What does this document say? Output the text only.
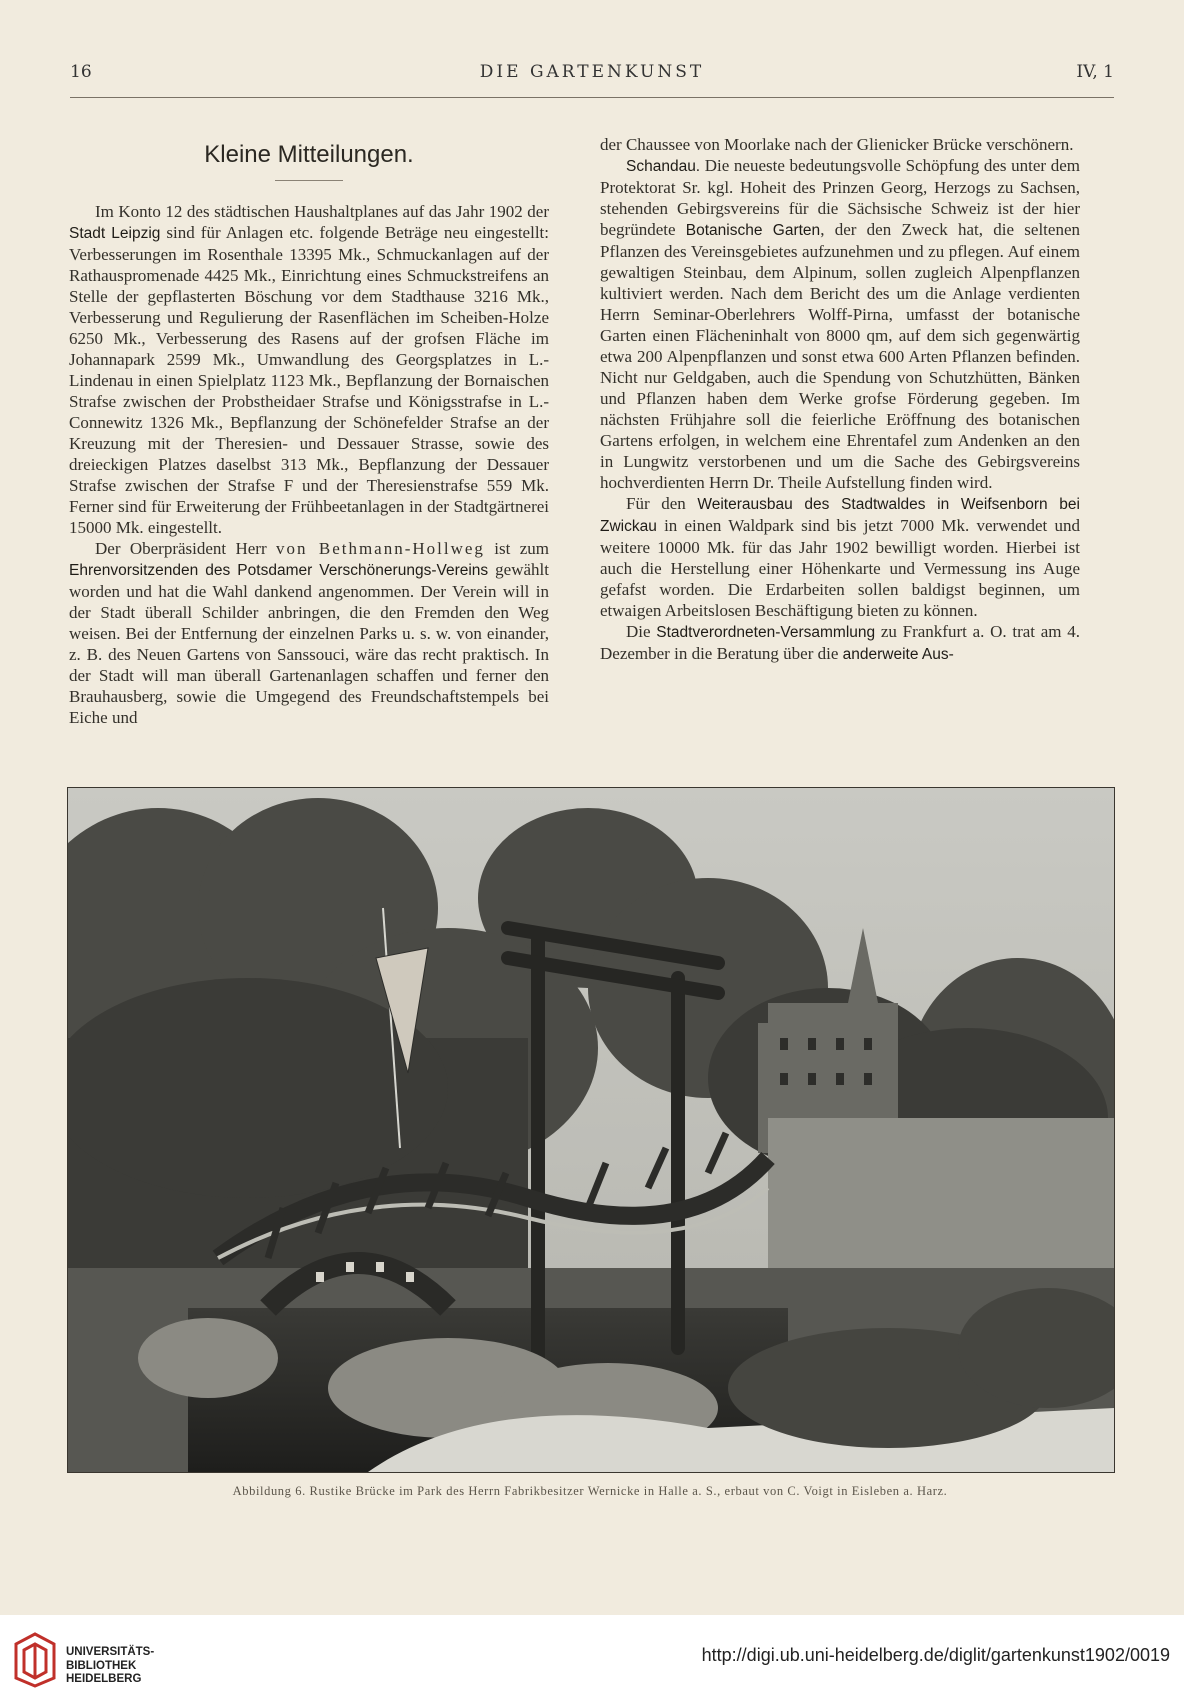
16	DIE GARTENKUNST	IV, 1
Kleine Mitteilungen.

Im Konto 12 des städtischen Haushaltplanes auf das Jahr 1902 der Stadt Leipzig sind für Anlagen etc. folgende Beträge neu eingestellt: Verbesserungen im Rosenthale 13395 Mk., Schmuckanlagen auf der Rathauspromenade 4425 Mk., Einrichtung eines Schmuckstreifens an Stelle der gepflasterten Böschung vor dem Stadthause 3216 Mk., Verbesserung und Regulierung der Rasenflächen im Scheiben-Holze 6250 Mk., Verbesserung des Rasens auf der grofsen Fläche im Johannapark 2599 Mk., Umwandlung des Georgsplatzes in L.-Lindenau in einen Spielplatz 1123 Mk., Bepflanzung der Bornaischen Strafse zwischen der Probstheidaer Strafse und Königsstrafse in L.-Connewitz 1326 Mk., Bepflanzung der Schönefelder Strafse an der Kreuzung mit der Theresien- und Dessauer Strasse, sowie des dreieckigen Platzes daselbst 313 Mk., Bepflanzung der Dessauer Strafse zwischen der Strafse F und der Theresienstrafse 559 Mk. Ferner sind für Erweiterung der Frühbeetanlagen in der Stadtgärtnerei 15000 Mk. eingestellt.

Der Oberpräsident Herr von Bethmann-Hollweg ist zum Ehrenvorsitzenden des Potsdamer Verschönerungs-Vereins gewählt worden und hat die Wahl dankend angenommen. Der Verein will in der Stadt überall Schilder anbringen, die den Fremden den Weg weisen. Bei der Entfernung der einzelnen Parks u. s. w. von einander, z. B. des Neuen Gartens von Sanssouci, wäre das recht praktisch. In der Stadt will man überall Gartenanlagen schaffen und ferner den Brauhausberg, sowie die Umgegend des Freundschaftstempels bei Eiche und

der Chaussee von Moorlake nach der Glienicker Brücke verschönern.

Schandau. Die neueste bedeutungsvolle Schöpfung des unter dem Protektorat Sr. kgl. Hoheit des Prinzen Georg, Herzogs zu Sachsen, stehenden Gebirgsvereins für die Sächsische Schweiz ist der hier begründete Botanische Garten, der den Zweck hat, die seltenen Pflanzen des Vereinsgebietes aufzunehmen und zu pflegen. Auf einem gewaltigen Steinbau, dem Alpinum, sollen zugleich Alpenpflanzen kultiviert werden. Nach dem Bericht des um die Anlage verdienten Herrn Seminar-Oberlehrers Wolff-Pirna, umfasst der botanische Garten einen Flächeninhalt von 8000 qm, auf dem sich gegenwärtig etwa 200 Alpenpflanzen und sonst etwa 600 Arten Pflanzen befinden. Nicht nur Geldgaben, auch die Spendung von Schutzhütten, Bänken und Pflanzen haben dem Werke grofse Förderung gegeben. Im nächsten Frühjahre soll die feierliche Eröffnung des botanischen Gartens erfolgen, in welchem eine Ehrentafel zum Andenken an den in Lungwitz verstorbenen und um die Sache des Gebirgsvereins hochverdienten Herrn Dr. Theile Aufstellung finden wird.

Für den Weiterausbau des Stadtwaldes in Weifsenborn bei Zwickau in einen Waldpark sind bis jetzt 7000 Mk. verwendet und weitere 10000 Mk. für das Jahr 1902 bewilligt worden. Hierbei ist auch die Herstellung einer Höhenkarte und Vermessung ins Auge gefafst worden. Die Erdarbeiten sollen baldigst beginnen, um etwaigen Arbeitslosen Beschäftigung bieten zu können.

Die Stadtverordneten-Versammlung zu Frankfurt a. O. trat am 4. Dezember in die Beratung über die anderweite Aus-

Abbildung 6. Rustike Brücke im Park des Herrn Fabrikbesitzer Wernicke in Halle a. S., erbaut von C. Voigt in Eisleben a. Harz.
UNIVERSITÄTS-
BIBLIOTHEK
HEIDELBERG
http://digi.ub.uni-heidelberg.de/diglit/gartenkunst1902/0019
